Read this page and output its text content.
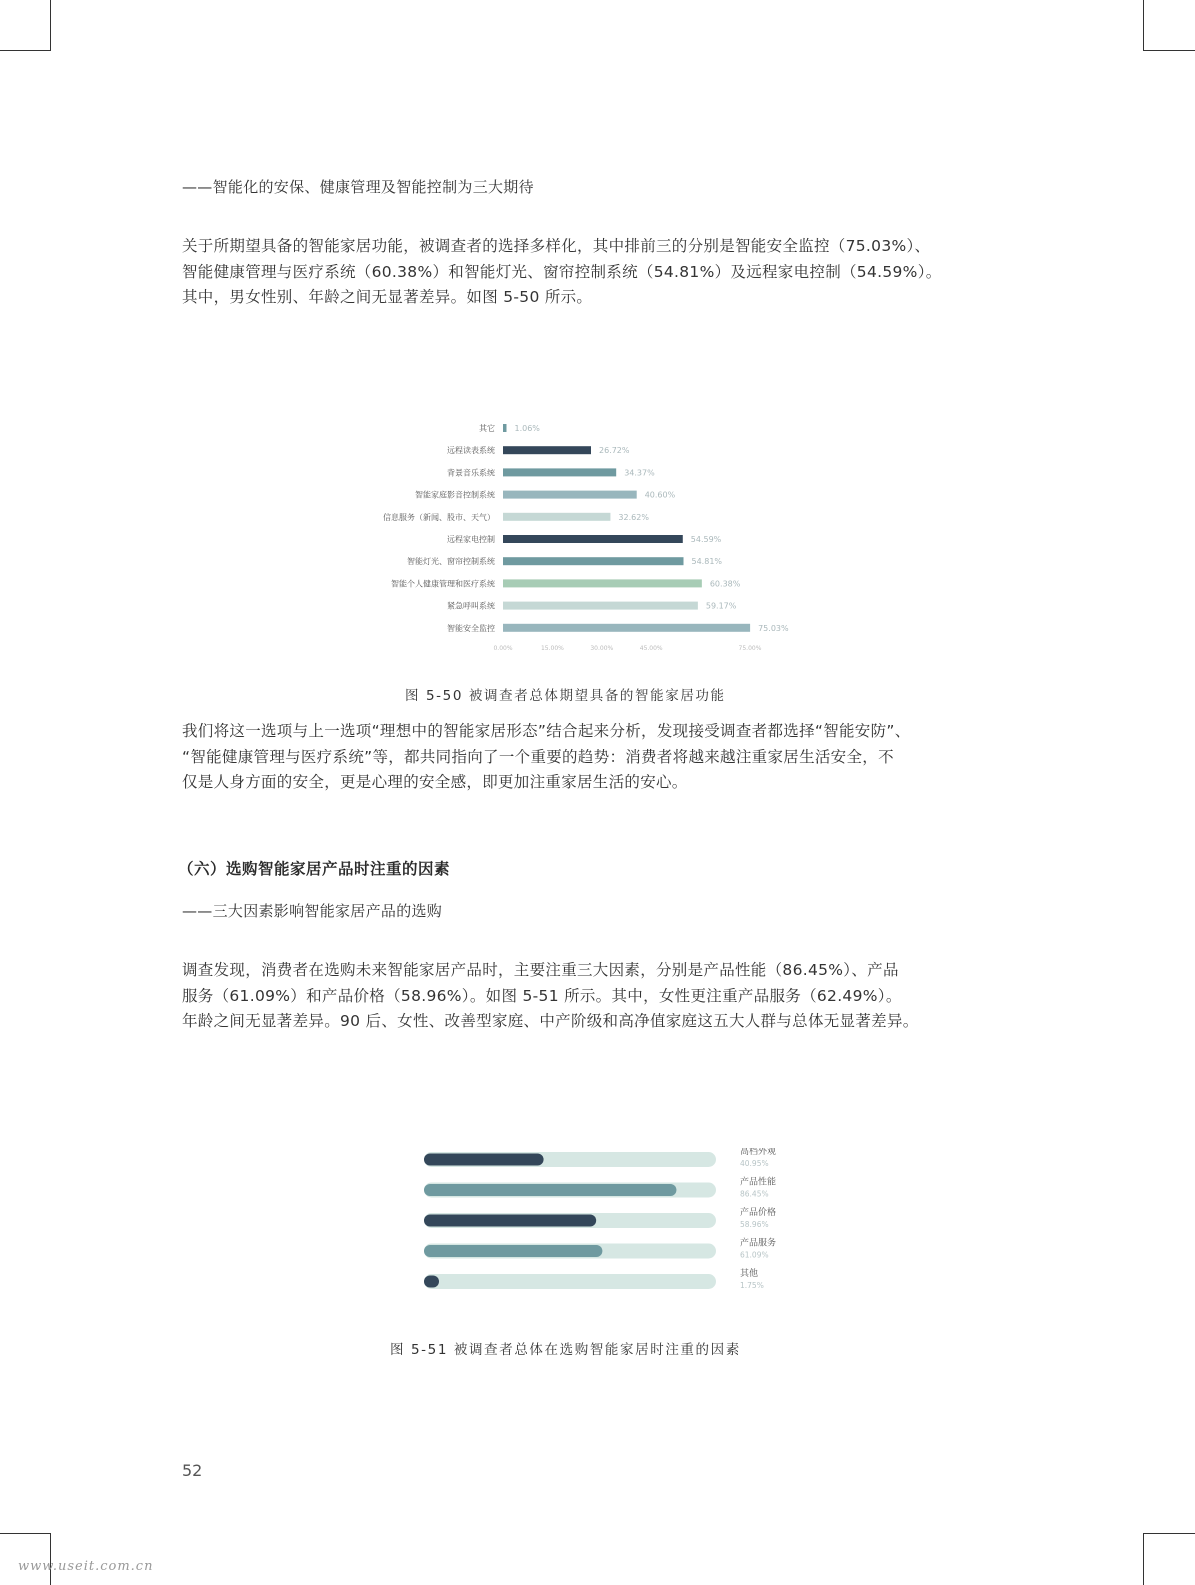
——智能化的安保、健康管理及智能控制为三大期待

关于所期望具备的智能家居功能，被调查者的选择多样化，其中排前三的分别是智能安全监控（75.03%）、

智能健康管理与医疗系统（60.38%）和智能灯光、窗帘控制系统（54.81%）及远程家电控制（54.59%）。

其中，男女性别、年龄之间无显著差异。如图 5-50 所示。

其它 1.06%
远程读表系统	26.72%
背景音乐系统	34.37%
智能家庭影音控制系统	40.60%
信息服务（新闻、股市、天气）	32.62%
远程家电控制	54.59%
智能灯光、窗帘控制系统	54.81%
智能个人健康管理和医疗系统	60.38%
紧急呼叫系统	59.17%
智能安全监控	75.03%
0.00%	15.00%	30.00%	45.00%	75.00%
图 5-50 被调查者总体期望具备的智能家居功能

我们将这一选项与上一选项“理想中的智能家居形态”结合起来分析，发现接受调查者都选择“智能安防”、

“智能健康管理与医疗系统”等，都共同指向了一个重要的趋势：消费者将越来越注重家居生活安全，不

仅是人身方面的安全，更是心理的安全感，即更加注重家居生活的安心。

（六）选购智能家居产品时注重的因素
——三大因素影响智能家居产品的选购

调查发现，消费者在选购未来智能家居产品时，主要注重三大因素，分别是产品性能（86.45%）、产品

服务（61.09%）和产品价格（58.96%）。如图 5-51 所示。其中，女性更注重产品服务（62.49%）。

年龄之间无显著差异。90 后、女性、改善型家庭、中产阶级和高净值家庭这五大人群与总体无显著差异。

高档外观
40.95%
产品性能
86.45%
产品价格
58.96%
产品服务
61.09%
其他
1.75%
图 5-51 被调查者总体在选购智能家居时注重的因素
52
www.useit.com.cn
